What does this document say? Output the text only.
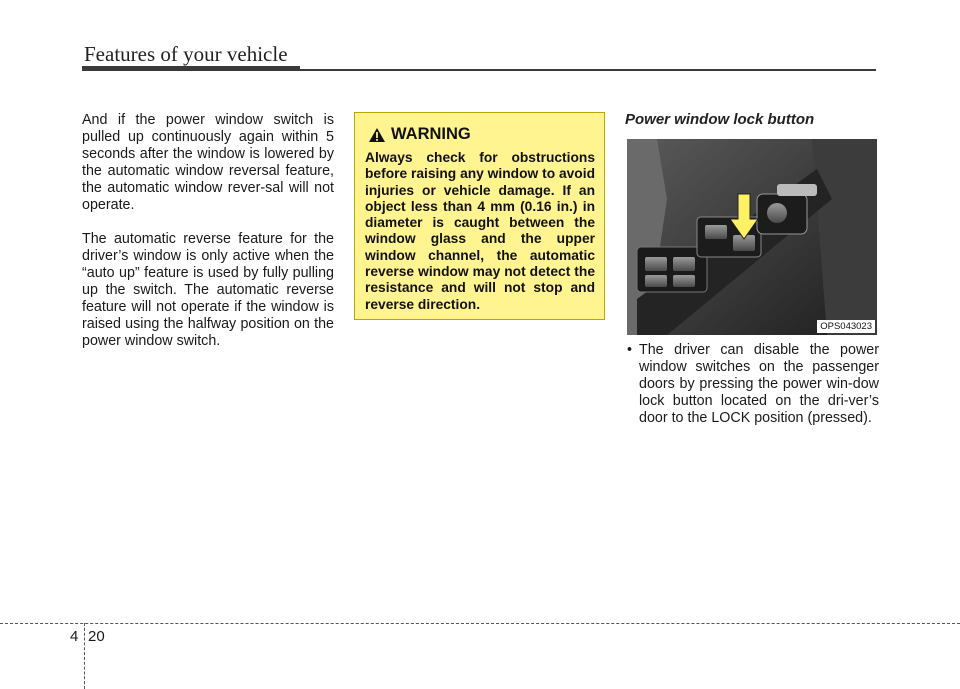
Features of your vehicle

And if the power window switch is pulled up continuously again within 5 seconds after the window is lowered by the automatic window reversal feature, the automatic window rever-sal will not operate.

The automatic reverse feature for the driver’s window is only active when the “auto up” feature is used by fully pulling up the switch. The automatic reverse feature will not operate if the window is raised using the halfway position on the power window switch.

WARNING
Always check for obstructions before raising any window to avoid injuries or vehicle damage. If an object less than 4 mm (0.16 in.) in diameter is caught between the window glass and the upper window channel, the automatic reverse window may not detect the resistance and will not stop and reverse direction.
Power window lock button
OPS043023
• The driver can disable the power window switches on the passenger doors by pressing the power win-dow lock button located on the dri-ver’s door to the LOCK position (pressed).
4 20
